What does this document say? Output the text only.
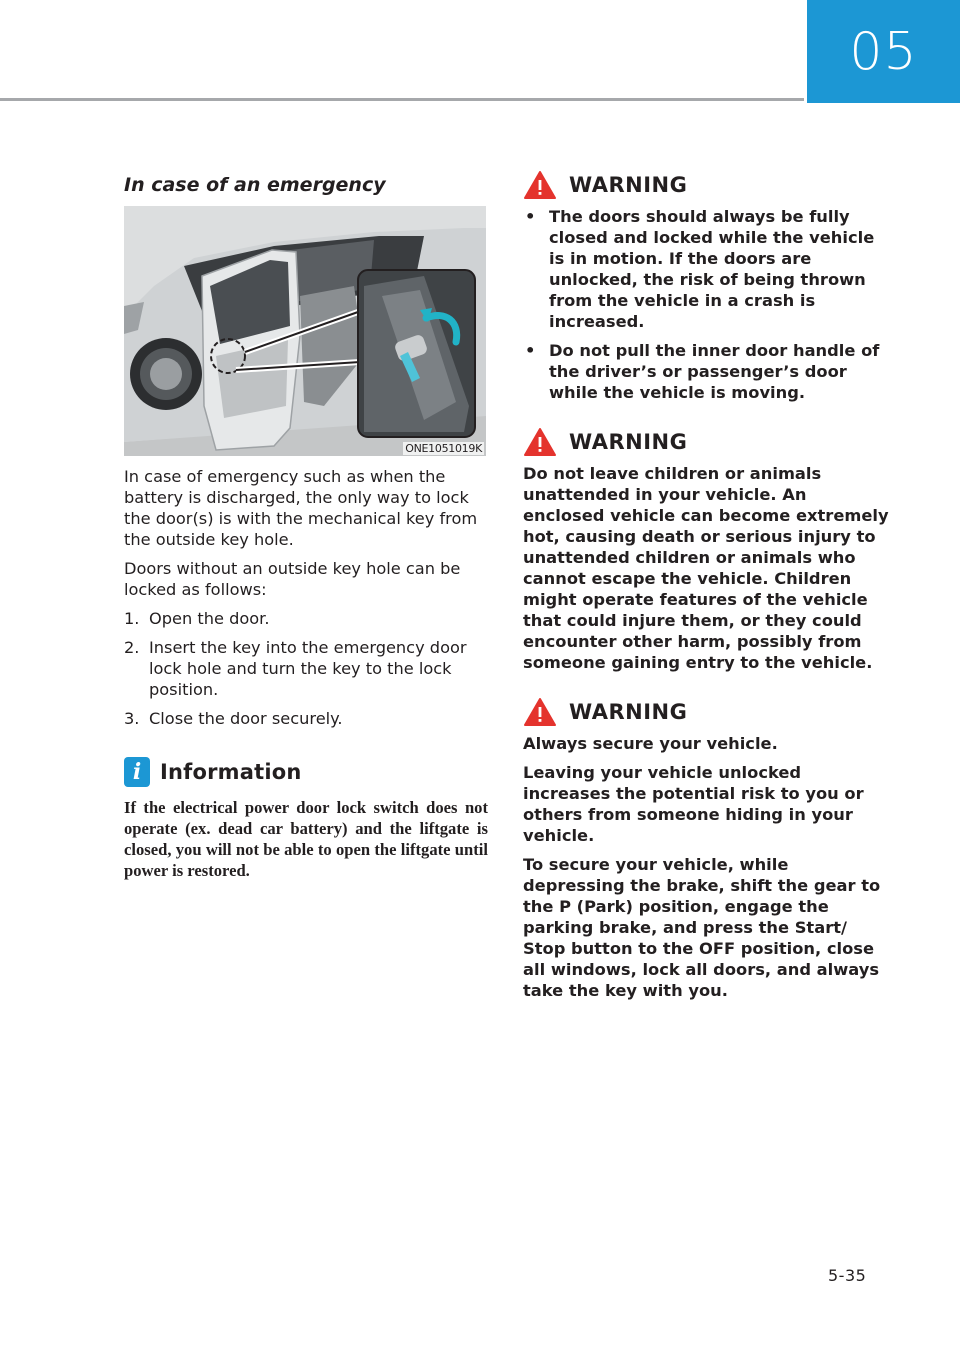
05
In case of an emergency
ONE1051019K

In case of emergency such as when the battery is discharged, the only way to lock the door(s) is with the mechanical key from the outside key hole.

Doors without an outside key hole can be locked as follows:

1. Open the door.
2. Insert the key into the emergency door lock hole and turn the key to the lock position.
3. Close the door securely.
i Information

If the electrical power door lock switch does not operate (ex. dead car battery) and the liftgate is closed, you will not be able to open the liftgate until power is restored.

WARNING
• The doors should always be fully closed and locked while the vehicle is in motion. If the doors are unlocked, the risk of being thrown from the vehicle in a crash is increased.
• Do not pull the inner door handle of the driver’s or passenger’s door while the vehicle is moving.
WARNING

Do not leave children or animals unattended in your vehicle. An enclosed vehicle can become extremely hot, causing death or serious injury to unattended children or animals who cannot escape the vehicle. Children might operate features of the vehicle that could injure them, or they could encounter other harm, possibly from someone gaining entry to the vehicle.

WARNING

Always secure your vehicle.

Leaving your vehicle unlocked increases the potential risk to you or others from someone hiding in your vehicle.

To secure your vehicle, while depressing the brake, shift the gear to the P (Park) position, engage the parking brake, and press the Start/ Stop button to the OFF position, close all windows, lock all doors, and always take the key with you.

5-35
